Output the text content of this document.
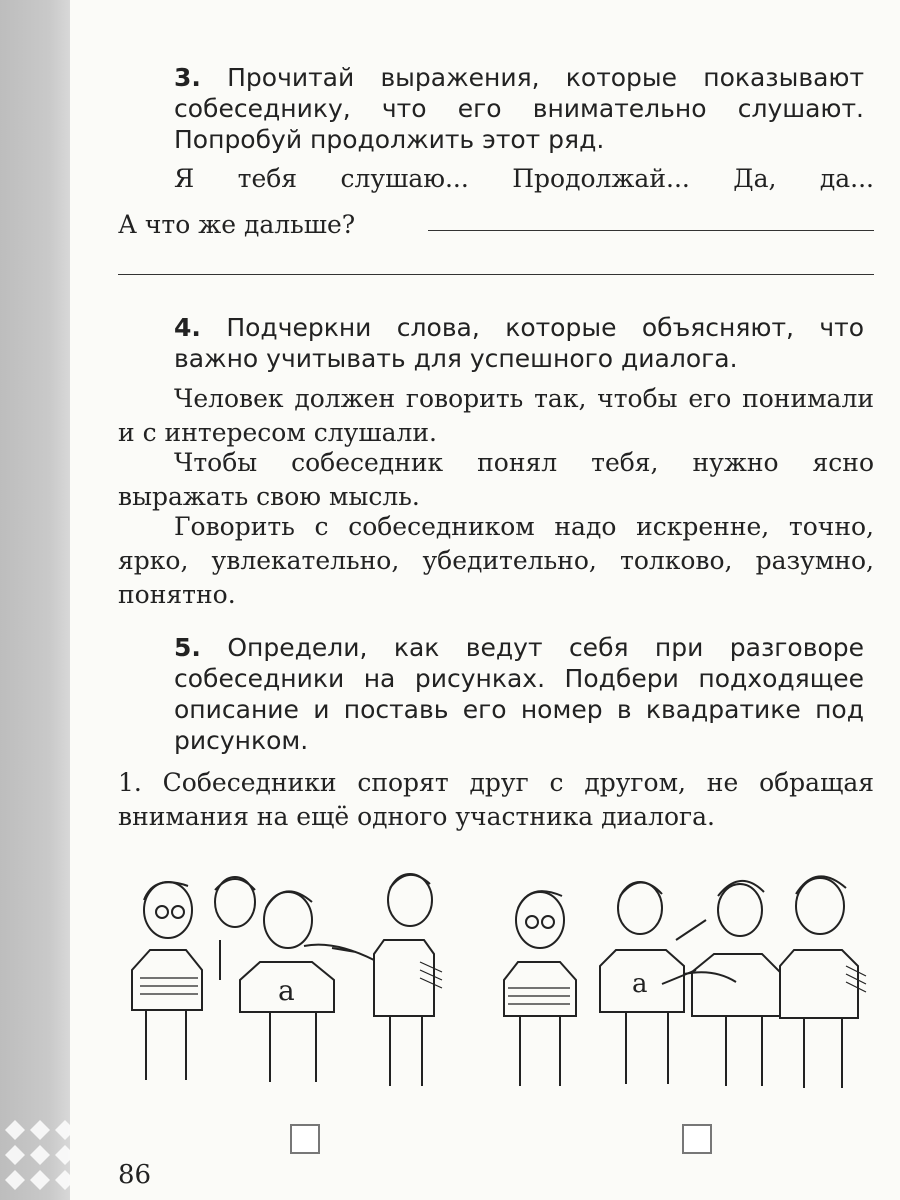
3. Прочитай выражения, которые показывают собеседнику, что его внимательно слушают. Попробуй продолжить этот ряд.
Я тебя слушаю... Продолжай... Да, да...
А что же дальше?
4. Подчеркни слова, которые объясняют, что важно учитывать для успешного диалога.
Человек должен говорить так, чтобы его понимали и с интересом слушали.
Чтобы собеседник понял тебя, нужно ясно выражать свою мысль.
Говорить с собеседником надо искренне, точно, ярко, увлекательно, убедительно, толково, разумно, понятно.
5. Определи, как ведут себя при разговоре собеседники на рисунках. Подбери подходящее описание и поставь его номер в квадратике под рисунком.
1. Собеседники спорят друг с другом, не обращая внимания на ещё одного участника диалога.
a	a
86
